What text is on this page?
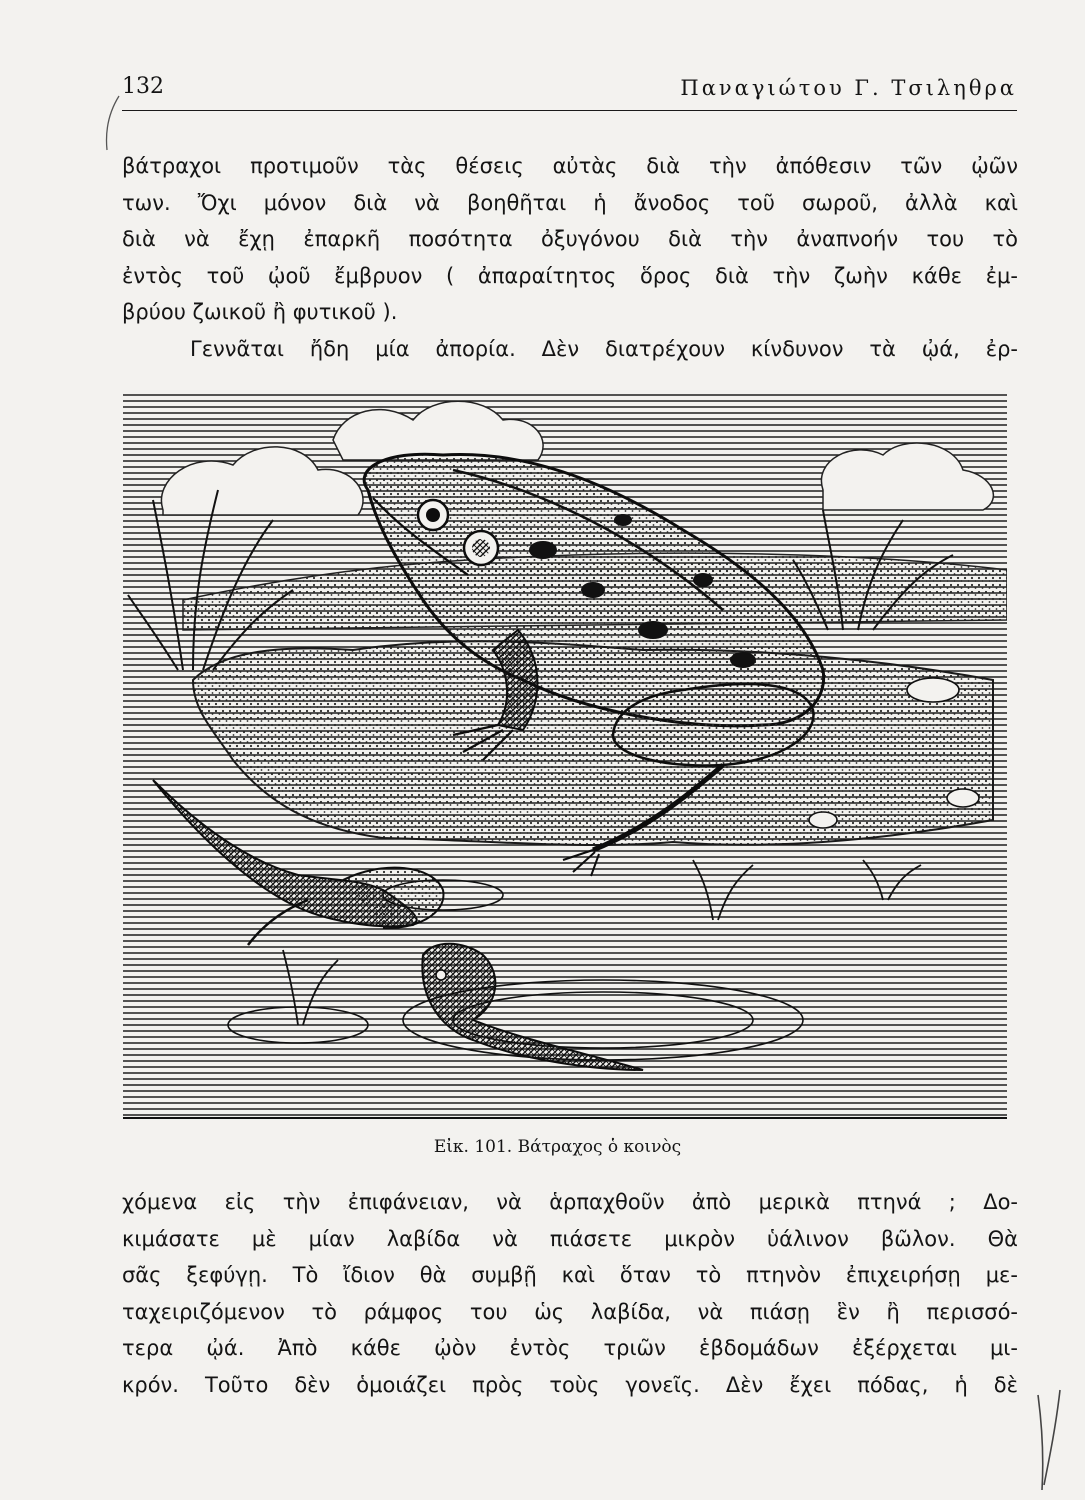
132	Παναγιώτου Γ. Τσιληθρα
βάτραχοι προτιμοῦν τὰς θέσεις αὐτὰς διὰ τὴν ἀπόθεσιν τῶν ᾠῶν
των. Ὄχι μόνον διὰ νὰ βοηθῆται ἡ ἄνοδος τοῦ σωροῦ, ἀλλὰ καὶ
διὰ νὰ ἔχῃ ἐπαρκῆ ποσότητα ὀξυγόνου διὰ τὴν ἀναπνοήν του τὸ
ἐντὸς τοῦ ᾠοῦ ἔμβρυον ( ἀπαραίτητος ὅρος διὰ τὴν ζωὴν κάθε ἐμ-
βρύου ζωικοῦ ἢ φυτικοῦ ).
Γεννᾶται ἤδη μία ἀπορία. Δὲν διατρέχουν κίνδυνον τὰ ᾠά, ἐρ-
Εἰκ. 101. Βάτραχος ὁ κοινὸς
χόμενα εἰς τὴν ἐπιφάνειαν, νὰ ἁρπαχθοῦν ἀπὸ μερικὰ πτηνά ; Δο-
κιμάσατε μὲ μίαν λαβίδα νὰ πιάσετε μικρὸν ὑάλινον βῶλον. Θὰ
σᾶς ξεφύγῃ. Τὸ ἴδιον θὰ συμβῇ καὶ ὅταν τὸ πτηνὸν ἐπιχειρήσῃ με-
ταχειριζόμενον τὸ ράμφος του ὡς λαβίδα, νὰ πιάσῃ ἓν ἢ περισσό-
τερα ᾠά. Ἀπὸ κάθε ᾠὸν ἐντὸς τριῶν ἑβδομάδων ἐξέρχεται μι-
κρόν. Τοῦτο δὲν ὁμοιάζει πρὸς τοὺς γονεῖς. Δὲν ἔχει πόδας, ἡ δὲ
